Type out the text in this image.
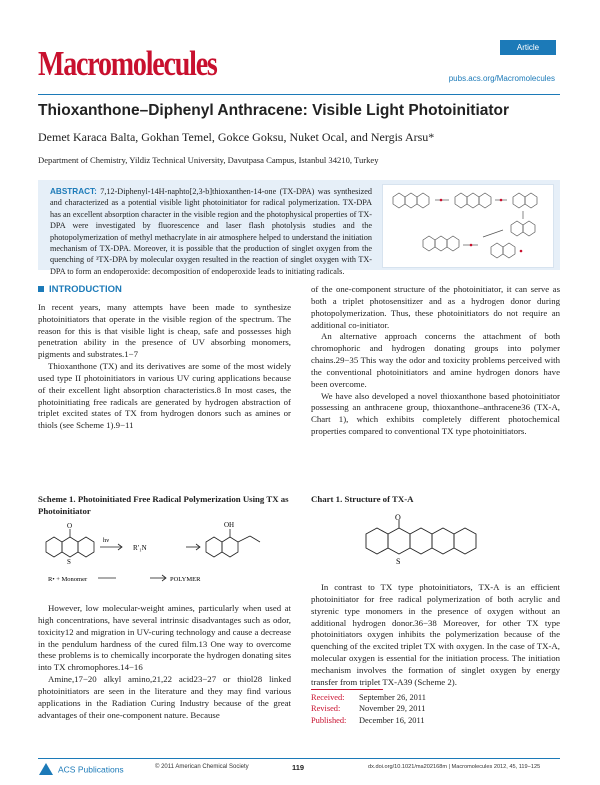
Macromolecules	Article
pubs.acs.org/Macromolecules
Thioxanthone–Diphenyl Anthracene: Visible Light Photoinitiator
Demet Karaca Balta, Gokhan Temel, Gokce Goksu, Nuket Ocal, and Nergis Arsu*
Department of Chemistry, Yildiz Technical University, Davutpasa Campus, Istanbul 34210, Turkey
ABSTRACT: 7,12-Diphenyl-14H-naphto[2,3-b]thioxanthen-14-one (TX-DPA) was synthesized and characterized as a potential visible light photoinitiator for radical polymerization. TX-DPA has an excellent absorption character in the visible region and the photophysical properties of TX-DPA were investigated by fluorescence and laser flash photolysis studies and the photopolymerization of methyl methacrylate in air atmosphere helped to understand the initiation mechanism of TX-DPA. Moreover, it is possible that the production of singlet oxygen from the quenching of ³TX-DPA by molecular oxygen resulted in the reaction of singlet oxygen with TX-DPA to form an endoperoxide: decomposition of endoperoxide leads to initiating radicals.
INTRODUCTION

In recent years, many attempts have been made to synthesize photoinitiators that operate in the visible region of the spectrum. The reason for this is that visible light is cheap, safe and possesses high penetration ability in the presence of UV absorbing monomers, pigments and substrates.1−7

Thioxanthone (TX) and its derivatives are some of the most widely used type II photoinitiators in various UV curing applications because of their excellent light absorption characteristics.8 In most cases, the photoinitiating free radicals are generated by hydrogen abstraction of triplet excited states of TX from hydrogen donors such as amines or thiols (see Scheme 1).9−11

Scheme 1. Photoinitiated Free Radical Polymerization Using TX as Photoinitiator
O
S
hν
R′₁N
OH
R• + Monomer	POLYMER

However, low molecular-weight amines, particularly when used at high concentrations, have several intrinsic disadvantages such as odor, toxicity12 and migration in UV-curing technology and cause a decrease in the pendulum hardness of the cured film.13 One way to overcome these problems is to chemically incorporate the hydrogen donating sites into TX chromophores.14−16

Amine,17−20 alkyl amino,21,22 acid23−27 or thiol28 linked photoinitiators are seen in the literature and they may find various applications in the Radiation Curing Industry because of the great advantages of their one-component nature. Because

of the one-component structure of the photoinitiator, it can serve as both a triplet photosensitizer and as a hydrogen donor during photopolymerization. Thus, these photoinitiators do not require an additional co-initiator.

An alternative approach concerns the attachment of both chromophoric and hydrogen donating groups into polymer chains.29−35 This way the odor and toxicity problems perceived with the conventional photoinitiators and amine hydrogen donors have been overcome.

We have also developed a novel thioxanthone based photoinitiator possessing an anthracene group, thioxanthone–anthracene36 (TX-A, Chart 1), which exhibits completely different photochemical properties compared to conventional TX type photoinitiators.

Chart 1. Structure of TX-A
O
S

In contrast to TX type photoinitiators, TX-A is an efficient photoinitiator for free radical polymerization of both acrylic and styrenic type monomers in the presence of oxygen without an additional hydrogen donor.36−38 Moreover, for other TX type photoinitiators oxygen inhibits the polymerization because of the quenching of the excited triplet TX with oxygen. In the case of TX-A, molecular oxygen is essential for the initiation process. The initiation mechanism involves the formation of singlet oxygen by energy transfer from triplet TX-A39 (Scheme 2).

Received: September 26, 2011
Revised: November 29, 2011
Published: December 16, 2011
ACS Publications	© 2011 American Chemical Society	119	dx.doi.org/10.1021/ma202168m | Macromolecules 2012, 45, 119−125
